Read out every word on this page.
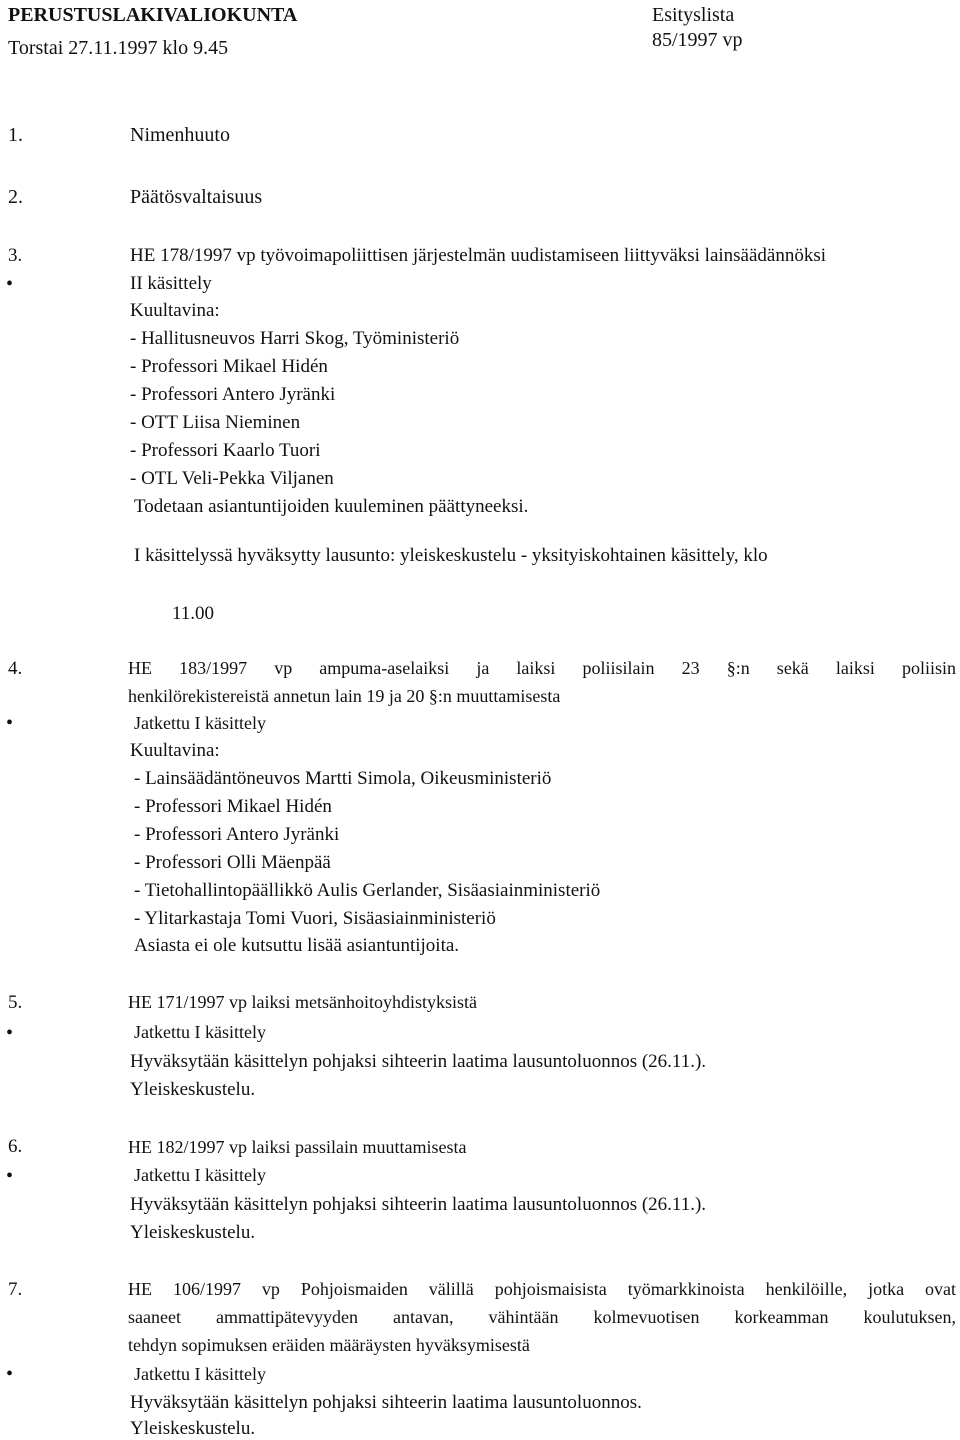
PERUSTUSLAKIVALIOKUNTA
Torstai 27.11.1997 klo 9.45
Esityslista
85/1997 vp
1.	Nimenhuuto
2.	Päätösvaltaisuus
3.	HE 178/1997 vp työvoimapoliittisen järjestelmän uudistamiseen liittyväksi lainsäädännöksi
•	II käsittely
Kuultavina:
- Hallitusneuvos Harri Skog, Työministeriö
- Professori Mikael Hidén
- Professori Antero Jyränki
- OTT Liisa Nieminen
- Professori Kaarlo Tuori
- OTL Veli-Pekka Viljanen
Todetaan asiantuntijoiden kuuleminen päättyneeksi.
I käsittelyssä hyväksytty lausunto: yleiskeskustelu - yksityiskohtainen käsittely, klo
11.00
4.	HE 183/1997 vp ampuma-aselaiksi ja laiksi poliisilain 23 §:n sekä laiksi poliisin
henkilörekistereistä annetun lain 19 ja 20 §:n muuttamisesta
•	Jatkettu I käsittely
Kuultavina:
- Lainsäädäntöneuvos Martti Simola, Oikeusministeriö
- Professori Mikael Hidén
- Professori Antero Jyränki
- Professori Olli Mäenpää
- Tietohallintopäällikkö Aulis Gerlander, Sisäasiainministeriö
- Ylitarkastaja Tomi Vuori, Sisäasiainministeriö
Asiasta ei ole kutsuttu lisää asiantuntijoita.
5.	HE 171/1997 vp laiksi metsänhoitoyhdistyksistä
•	Jatkettu I käsittely
Hyväksytään käsittelyn pohjaksi sihteerin laatima lausuntoluonnos (26.11.).
Yleiskeskustelu.
6.	HE 182/1997 vp laiksi passilain muuttamisesta
•	Jatkettu I käsittely
Hyväksytään käsittelyn pohjaksi sihteerin laatima lausuntoluonnos (26.11.).
Yleiskeskustelu.
7.	HE 106/1997 vp Pohjoismaiden välillä pohjoismaisista työmarkkinoista henkilöille, jotka ovat
saaneet ammattipätevyyden antavan, vähintään kolmevuotisen korkeamman koulutuksen,
tehdyn sopimuksen eräiden määräysten hyväksymisestä
•	Jatkettu I käsittely
Hyväksytään käsittelyn pohjaksi sihteerin laatima lausuntoluonnos.
Yleiskeskustelu.
